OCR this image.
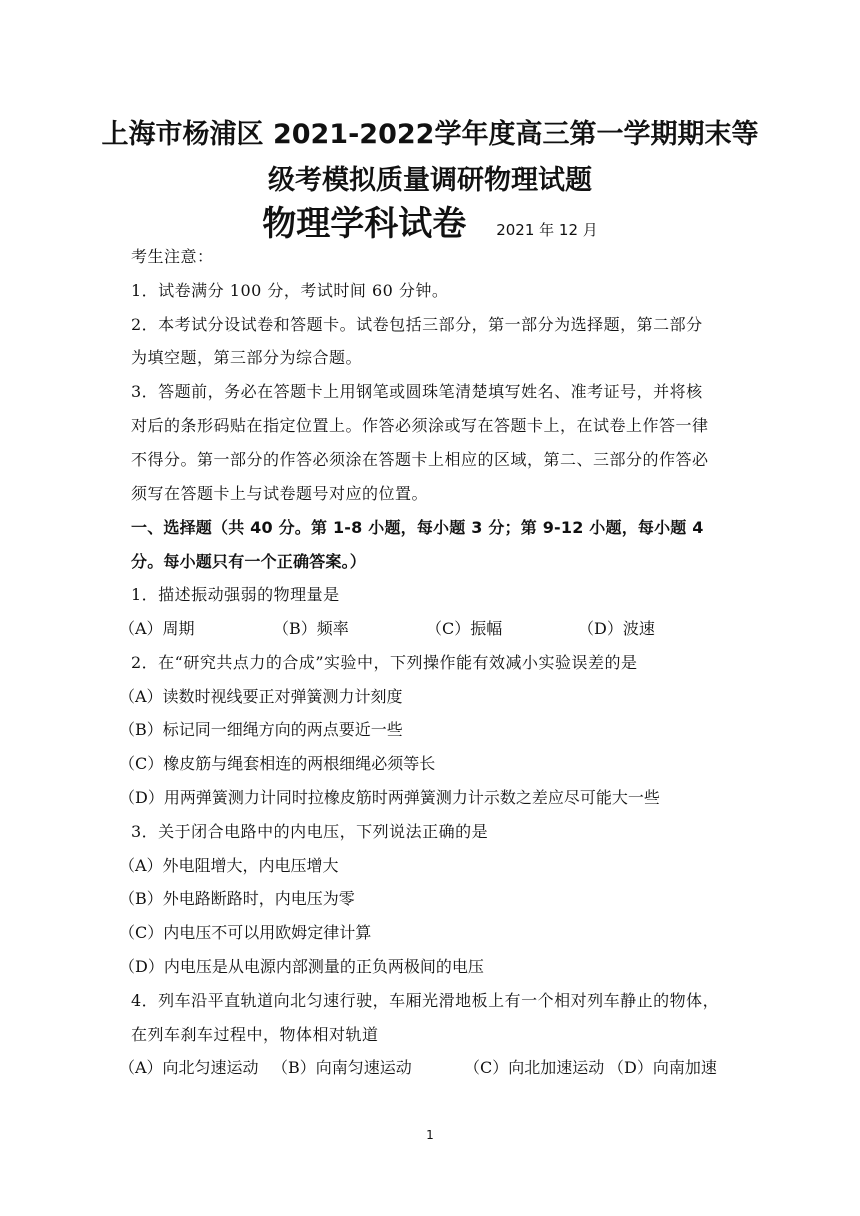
上海市杨浦区 2021-2022学年度高三第一学期期末等
级考模拟质量调研物理试题
物理学科试卷 2021 年 12 月
考生注意：
1．试卷满分 100 分，考试时间 60 分钟。
2．本考试分设试卷和答题卡。试卷包括三部分，第一部分为选择题，第二部分
为填空题，第三部分为综合题。
3．答题前，务必在答题卡上用钢笔或圆珠笔清楚填写姓名、准考证号，并将核
对后的条形码贴在指定位置上。作答必须涂或写在答题卡上，在试卷上作答一律
不得分。第一部分的作答必须涂在答题卡上相应的区域，第二、三部分的作答必
须写在答题卡上与试卷题号对应的位置。
一、选择题（共 40 分。第 1-8 小题，每小题 3 分；第 9-12 小题，每小题 4
分。每小题只有一个正确答案。）
1．描述振动强弱的物理量是
（A）周期	（B）频率	（C）振幅	（D）波速
2．在“研究共点力的合成”实验中，下列操作能有效减小实验误差的是
（A）读数时视线要正对弹簧测力计刻度
（B）标记同一细绳方向的两点要近一些
（C）橡皮筋与绳套相连的两根细绳必须等长
（D）用两弹簧测力计同时拉橡皮筋时两弹簧测力计示数之差应尽可能大一些
3．关于闭合电路中的内电压，下列说法正确的是
（A）外电阻增大，内电压增大
（B）外电路断路时，内电压为零
（C）内电压不可以用欧姆定律计算
（D）内电压是从电源内部测量的正负两极间的电压
4．列车沿平直轨道向北匀速行驶，车厢光滑地板上有一个相对列车静止的物体，
在列车刹车过程中，物体相对轨道
（A）向北匀速运动 （B）向南匀速运动	（C）向北加速运动 （D）向南加速
1
